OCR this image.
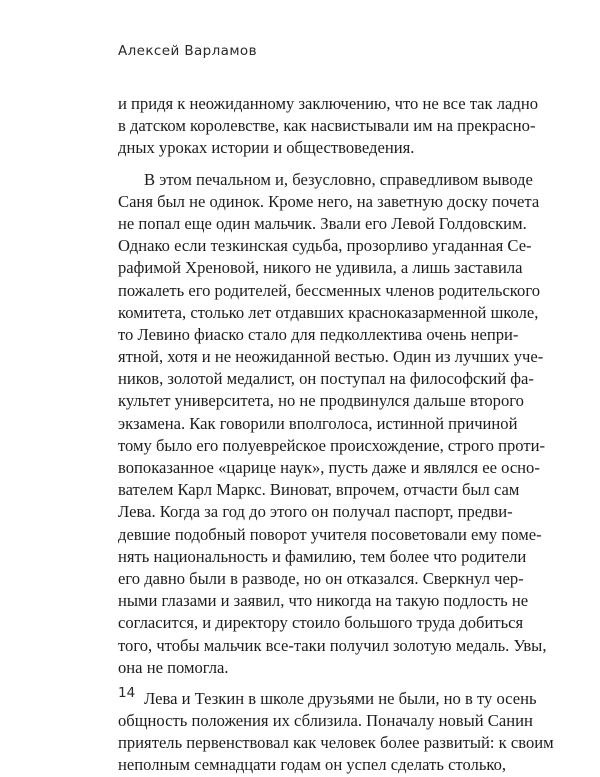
Алексей Варламов
и придя к неожиданному заключению, что не все так ладно
в датском королевстве, как насвистывали им на прекрасно-
дных уроках истории и обществоведения.
В этом печальном и, безусловно, справедливом выводе
Саня был не одинок. Кроме него, на заветную доску почета
не попал еще один мальчик. Звали его Левой Голдовским.
Однако если тезкинская судьба, прозорливо угаданная Се-
рафимой Хреновой, никого не удивила, а лишь заставила
пожалеть его родителей, бессменных членов родительского
комитета, столько лет отдавших красноказарменной школе,
то Левино фиаско стало для педколлектива очень непри-
ятной, хотя и не неожиданной вестью. Один из лучших уче-
ников, золотой медалист, он поступал на философский фа-
культет университета, но не продвинулся дальше второго
экзамена. Как говорили вполголоса, истинной причиной
тому было его полуеврейское происхождение, строго проти-
вопоказанное «царице наук», пусть даже и являлся ее осно-
вателем Карл Маркс. Виноват, впрочем, отчасти был сам
Лева. Когда за год до этого он получал паспорт, предви-
девшие подобный поворот учителя посоветовали ему поме-
нять национальность и фамилию, тем более что родители
его давно были в разводе, но он отказался. Сверкнул чер-
ными глазами и заявил, что никогда на такую подлость не
согласится, и директору стоило большого труда добиться
того, чтобы мальчик все-таки получил золотую медаль. Увы,
она не помогла.
Лева и Тезкин в школе друзьями не были, но в ту осень
общность положения их сблизила. Поначалу новый Санин
приятель первенствовал как человек более развитый: к своим
неполным семнадцати годам он успел сделать столько,
14
